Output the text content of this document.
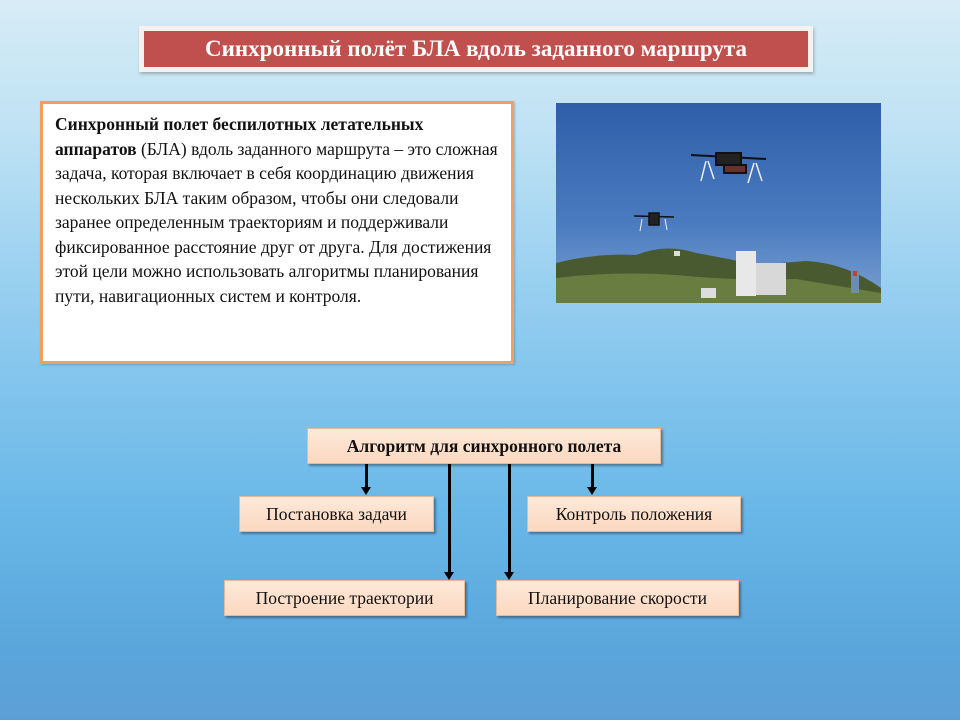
Синхронный полёт БЛА вдоль заданного маршрута
Синхронный полет беспилотных летательных аппаратов (БЛА) вдоль заданного маршрута – это сложная задача, которая включает в себя координацию движения нескольких БЛА таким образом, чтобы они следовали заранее определенным траекториям и поддерживали фиксированное расстояние друг от друга. Для достижения этой цели можно использовать алгоритмы планирования пути, навигационных систем и контроля.
Алгоритм для синхронного полета
Постановка задачи	Контроль положения
Построение траектории	Планирование скорости
